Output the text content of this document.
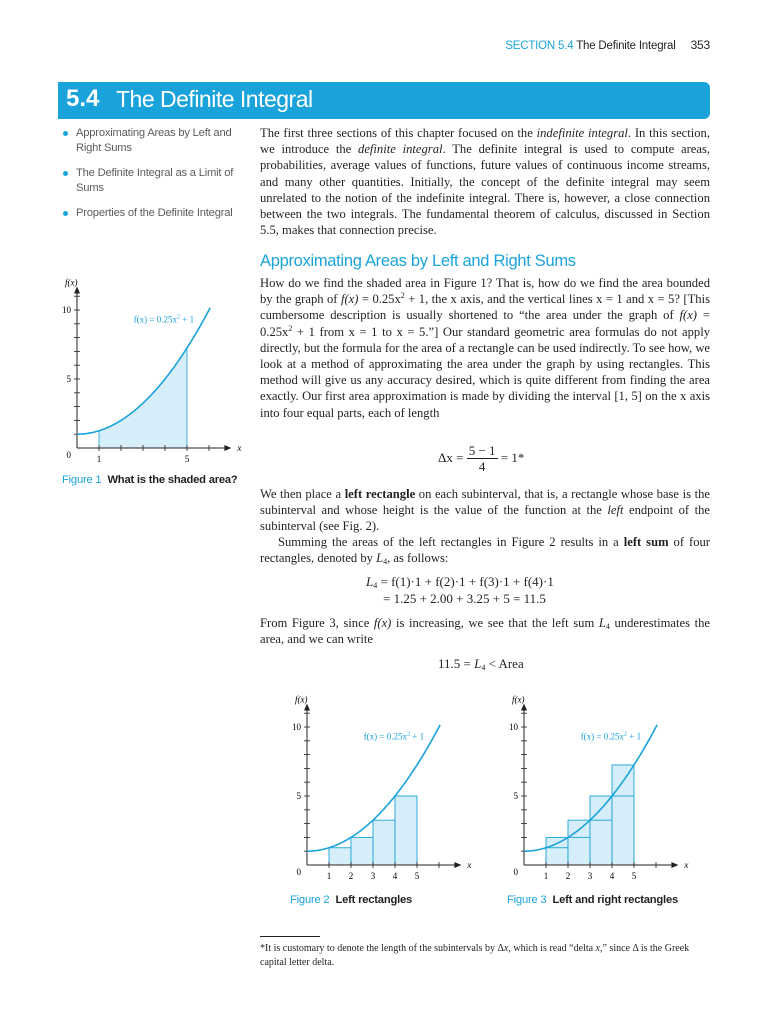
SECTION 5.4 The Definite Integral 353
5.4 The Definite Integral
Approximating Areas by Left and Right Sums
The Definite Integral as a Limit of Sums
Properties of the Definite Integral

The first three sections of this chapter focused on the indefinite integral. In this section, we introduce the definite integral. The definite integral is used to compute areas, probabilities, average values of functions, future values of continuous income streams, and many other quantities. Initially, the concept of the definite integral may seem unrelated to the notion of the indefinite integral. There is, however, a close connection between the two integrals. The fundamental theorem of calculus, discussed in Section 5.5, makes that connection precise.

Approximating Areas by Left and Right Sums

How do we find the shaded area in Figure 1? That is, how do we find the area bounded by the graph of $f(x) = 0.25x^2 + 1$, the x axis, and the vertical lines x = 1 and x = 5? [This cumbersome description is usually shortened to “the area under the graph of $f(x) = 0.25x^2 + 1$ from x = 1 to x = 5.”] Our standard geometric area formulas do not apply directly, but the formula for the area of a rectangle can be used indirectly. To see how, we look at a method of approximating the area under the graph by using rectangles. This method will give us any accuracy desired, which is quite different from finding the area exactly. Our first area approximation is made by dividing the interval [1, 5] on the x axis into four equal parts, each of length

$\Delta x = \frac{5 - 1}{4} = 1*$

We then place a left rectangle on each subinterval, that is, a rectangle whose base is the subinterval and whose height is the value of the function at the left endpoint of the subinterval (see Fig. 2).

Summing the areas of the left rectangles in Figure 2 results in a left sum of four rectangles, denoted by $L_4$, as follows:

$L_4 = f(1)\cdot 1 + f(2)\cdot 1 + f(3)\cdot 1 + f(4)\cdot 1$
= 1.25 + 2.00 + 3.25 + 5 = 11.5

From Figure 3, since f(x) is increasing, we see that the left sum $L_4$ underestimates the area, and we can write

$11.5 = L_4$ < Area
1	5
5
10
0
x
f(x)
$f(x) = 0.25x^2 + 1$
Figure 1 What is the shaded area?
1 2 3 4 5
5
10
0
x
f(x)
$f(x) = 0.25x^2 + 1$
Figure 2 Left rectangles
1 2 3 4 5
5
10
0
x
f(x)
$f(x) = 0.25x^2 + 1$
Figure 3 Left and right rectangles
*It is customary to denote the length of the subintervals by Δx, which is read “delta x,” since Δ is the Greek capital letter delta.
